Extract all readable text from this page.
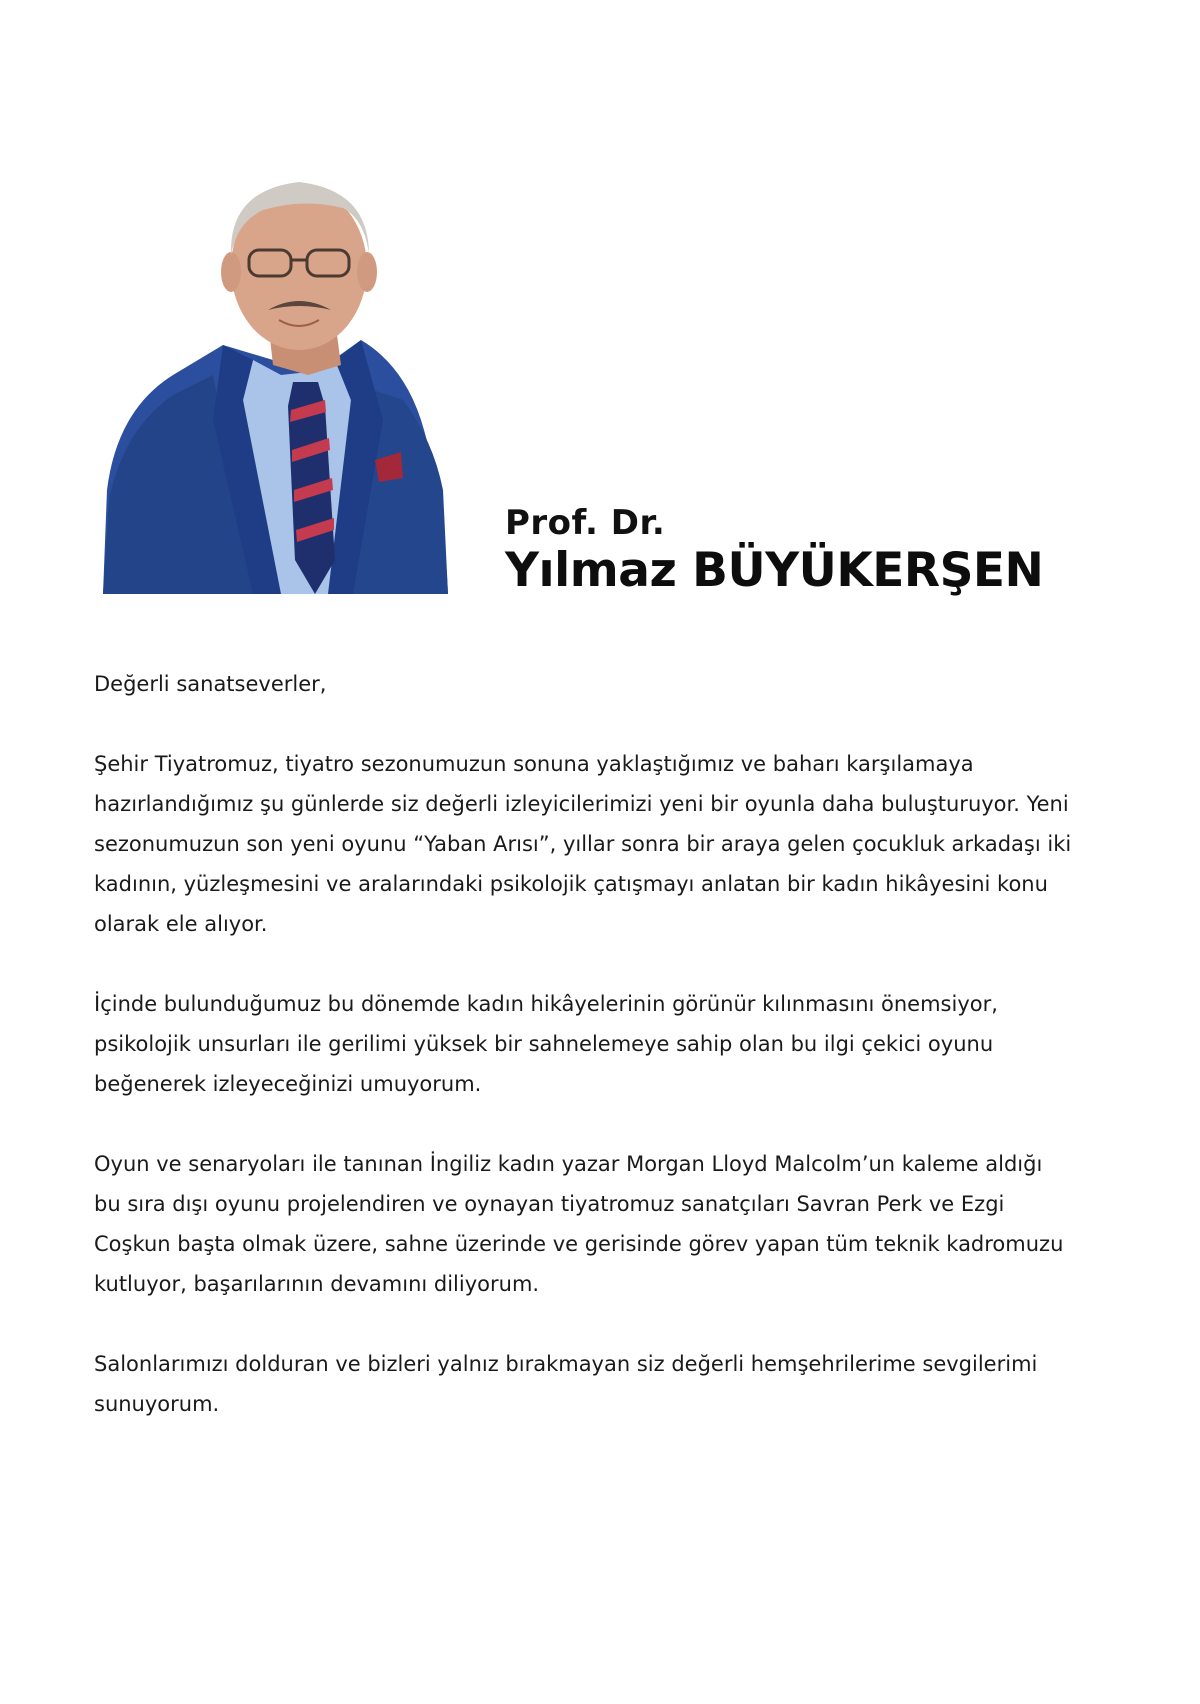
Prof. Dr.
Yılmaz BÜYÜKERŞEN

Değerli sanatseverler,

Şehir Tiyatromuz, tiyatro sezonumuzun sonuna yaklaştığımız ve baharı karşılamaya hazırlandığımız şu günlerde siz değerli izleyicilerimizi yeni bir oyunla daha buluşturuyor. Yeni sezonumuzun son yeni oyunu “Yaban Arısı”, yıllar sonra bir araya gelen çocukluk arkadaşı iki kadının, yüzleşmesini ve aralarındaki psikolojik çatışmayı anlatan bir kadın hikâyesini konu olarak ele alıyor.

İçinde bulunduğumuz bu dönemde kadın hikâyelerinin görünür kılınmasını önemsiyor, psikolojik unsurları ile gerilimi yüksek bir sahnelemeye sahip olan bu ilgi çekici oyunu beğenerek izleyeceğinizi umuyorum.

Oyun ve senaryoları ile tanınan İngiliz kadın yazar Morgan Lloyd Malcolm’un kaleme aldığı bu sıra dışı oyunu projelendiren ve oynayan tiyatromuz sanatçıları Savran Perk ve Ezgi Coşkun başta olmak üzere, sahne üzerinde ve gerisinde görev yapan tüm teknik kadromuzu kutluyor, başarılarının devamını diliyorum.

Salonlarımızı dolduran ve bizleri yalnız bırakmayan siz değerli hemşehrilerime sevgilerimi sunuyorum.
